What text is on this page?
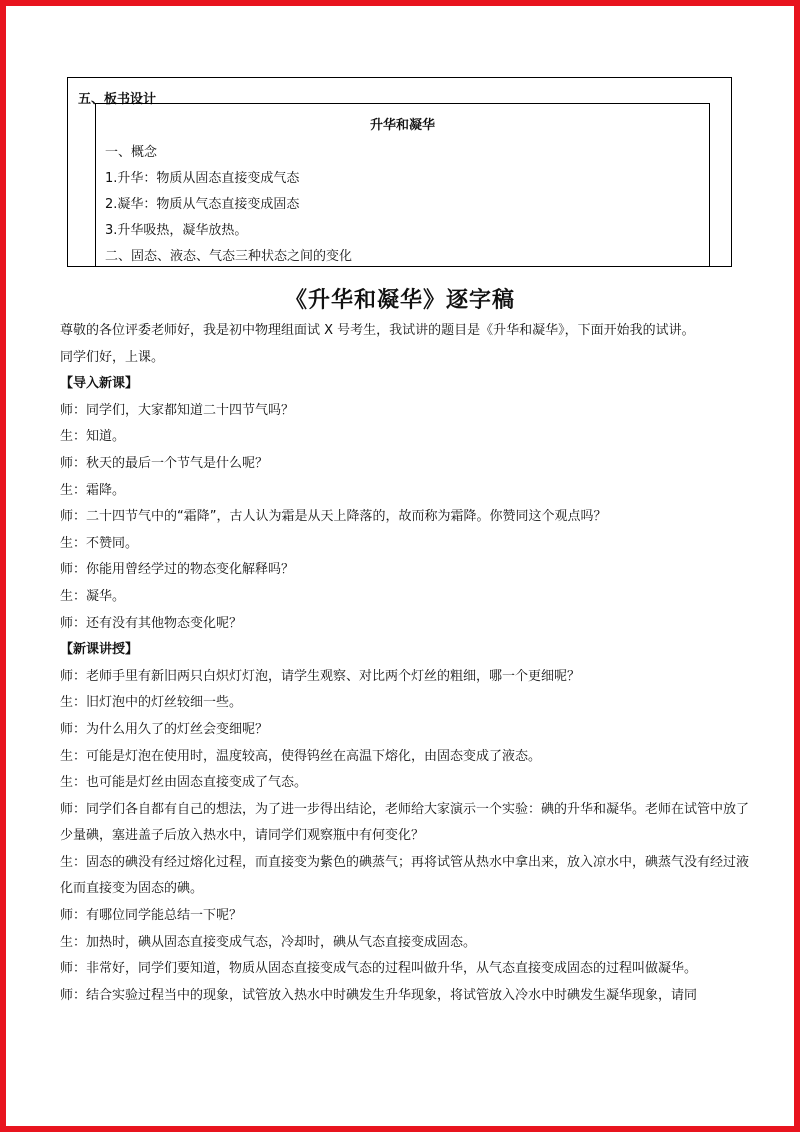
五、板书设计
升华和凝华
一、概念
1.升华：物质从固态直接变成气态
2.凝华：物质从气态直接变成固态
3.升华吸热，凝华放热。
二、固态、液态、气态三种状态之间的变化
《升华和凝华》逐字稿

尊敬的各位评委老师好，我是初中物理组面试 X 号考生，我试讲的题目是《升华和凝华》，下面开始我的试讲。

同学们好，上课。

【导入新课】

师：同学们，大家都知道二十四节气吗？

生：知道。

师：秋天的最后一个节气是什么呢？

生：霜降。

师：二十四节气中的“霜降”，古人认为霜是从天上降落的，故而称为霜降。你赞同这个观点吗？

生：不赞同。

师：你能用曾经学过的物态变化解释吗？

生：凝华。

师：还有没有其他物态变化呢？

【新课讲授】

师：老师手里有新旧两只白炽灯灯泡，请学生观察、对比两个灯丝的粗细，哪一个更细呢？

生：旧灯泡中的灯丝较细一些。

师：为什么用久了的灯丝会变细呢？

生：可能是灯泡在使用时，温度较高，使得钨丝在高温下熔化，由固态变成了液态。

生：也可能是灯丝由固态直接变成了气态。

师：同学们各自都有自己的想法，为了进一步得出结论，老师给大家演示一个实验：碘的升华和凝华。老师在试管中放了少量碘，塞进盖子后放入热水中，请同学们观察瓶中有何变化？

生：固态的碘没有经过熔化过程，而直接变为紫色的碘蒸气；再将试管从热水中拿出来，放入凉水中，碘蒸气没有经过液化而直接变为固态的碘。

师：有哪位同学能总结一下呢？

生：加热时，碘从固态直接变成气态，冷却时，碘从气态直接变成固态。

师：非常好，同学们要知道，物质从固态直接变成气态的过程叫做升华，从气态直接变成固态的过程叫做凝华。

师：结合实验过程当中的现象，试管放入热水中时碘发生升华现象，将试管放入冷水中时碘发生凝华现象，请同
